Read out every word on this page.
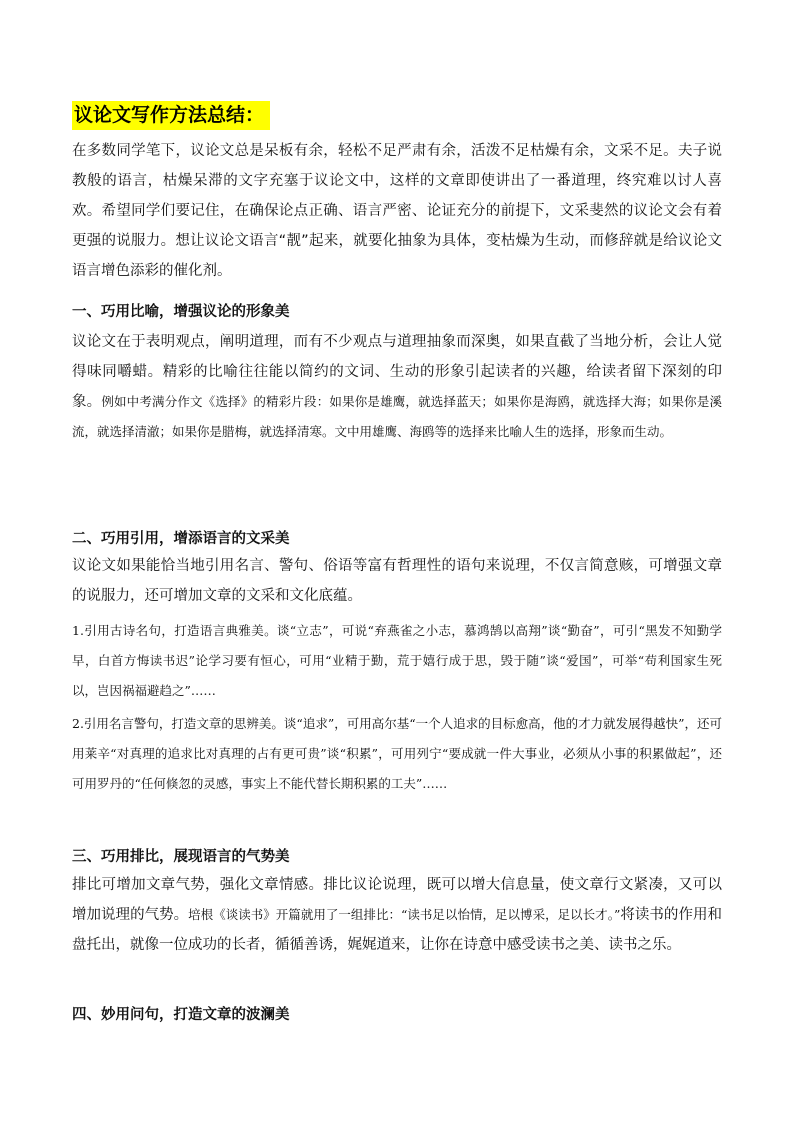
议论文写作方法总结：
在多数同学笔下，议论文总是呆板有余，轻松不足严肃有余，活泼不足枯燥有余，文采不足。夫子说教般的语言，枯燥呆滞的文字充塞于议论文中，这样的文章即使讲出了一番道理，终究难以讨人喜欢。希望同学们要记住，在确保论点正确、语言严密、论证充分的前提下，文采斐然的议论文会有着更强的说服力。想让议论文语言“靓”起来，就要化抽象为具体，变枯燥为生动，而修辞就是给议论文语言增色添彩的催化剂。
一、巧用比喻，增强议论的形象美
议论文在于表明观点，阐明道理，而有不少观点与道理抽象而深奥，如果直截了当地分析，会让人觉得味同嚼蜡。精彩的比喻往往能以简约的文词、生动的形象引起读者的兴趣，给读者留下深刻的印象。例如中考满分作文《选择》的精彩片段：如果你是雄鹰，就选择蓝天；如果你是海鸥，就选择大海；如果你是溪流，就选择清澈；如果你是腊梅，就选择清寒。文中用雄鹰、海鸥等的选择来比喻人生的选择，形象而生动。
二、巧用引用，增添语言的文采美
议论文如果能恰当地引用名言、警句、俗语等富有哲理性的语句来说理，不仅言简意赅，可增强文章的说服力，还可增加文章的文采和文化底蕴。
1.引用古诗名句，打造语言典雅美。谈“立志”，可说“弃燕雀之小志，慕鸿鹄以高翔”谈“勤奋”，可引“黑发不知勤学早，白首方悔读书迟”论学习要有恒心，可用“业精于勤，荒于嬉行成于思，毁于随”谈“爱国”，可举“苟利国家生死以，岂因祸福避趋之”……
2.引用名言警句，打造文章的思辨美。谈“追求”，可用高尔基“一个人追求的目标愈高，他的才力就发展得越快”，还可用莱辛“对真理的追求比对真理的占有更可贵”谈“积累”，可用列宁“要成就一件大事业，必须从小事的积累做起”，还可用罗丹的“任何倏忽的灵感，事实上不能代替长期积累的工夫”……
三、巧用排比，展现语言的气势美
排比可增加文章气势，强化文章情感。排比议论说理，既可以增大信息量，使文章行文紧凑，又可以增加说理的气势。培根《谈读书》开篇就用了一组排比：“读书足以怡情，足以博采，足以长才。”将读书的作用和盘托出，就像一位成功的长者，循循善诱，娓娓道来，让你在诗意中感受读书之美、读书之乐。
四、妙用问句，打造文章的波澜美
